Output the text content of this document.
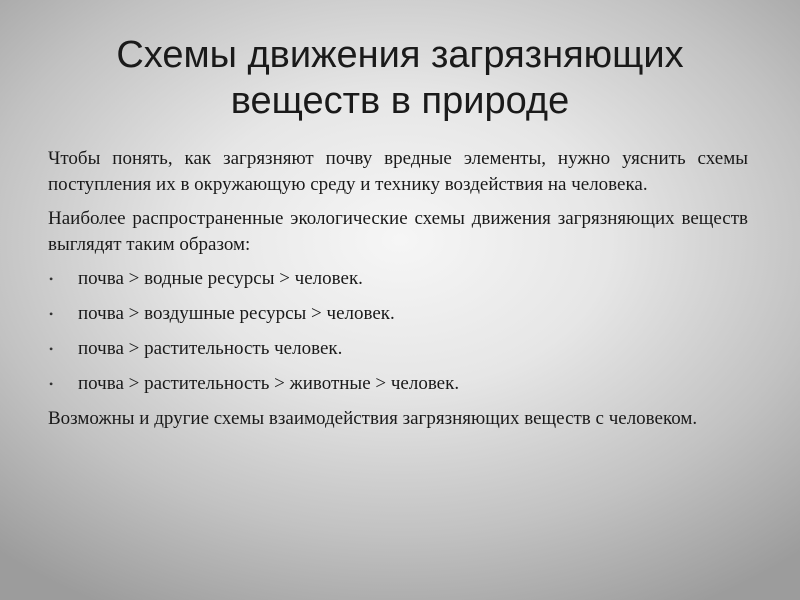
Схемы движения загрязняющих веществ в природе

Чтобы понять, как загрязняют почву вредные элементы, нужно уяснить схемы поступления их в окружающую среду и технику воздействия на человека.

Наиболее распространенные экологические схемы движения загрязняющих веществ выглядят таким образом:

• почва > водные ресурсы > человек.
• почва > воздушные ресурсы > человек.
• почва > растительность человек.
• почва > растительность > животные > человек.

Возможны и другие схемы взаимодействия загрязняющих веществ с человеком.
